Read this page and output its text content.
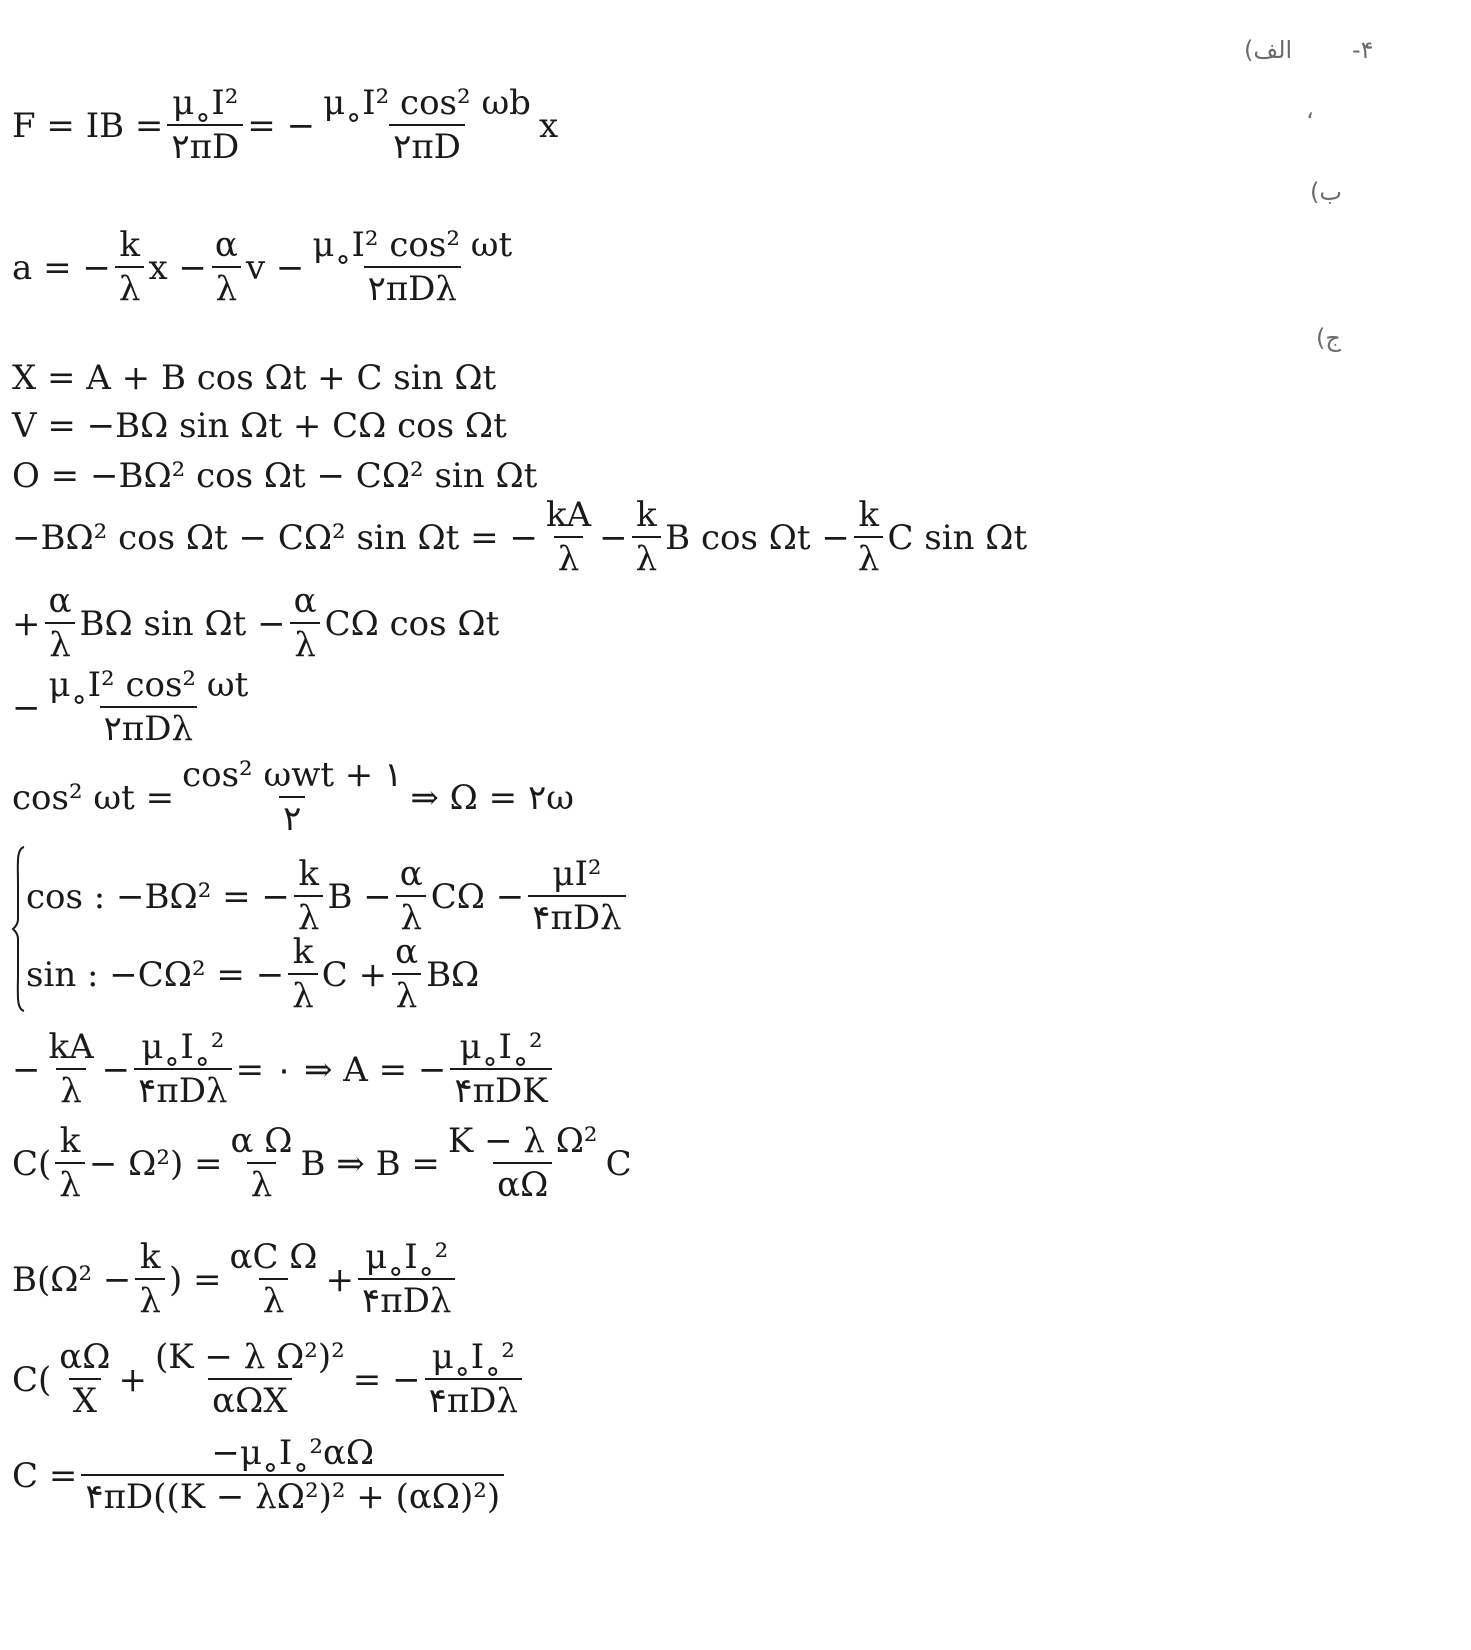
۴-
الف)
،
ب)
ج)
F = IB = $\frac{\text{μ˳I²}}{۲\pi D}$ = − $\frac{\text{μ˳I² cos² ωb}}{۲\pi D}$ x
a = − $\frac{k}{\lambda}$ $x - \frac{\alpha}{\lambda}$ $v - \frac{\text{μ˳I² cos² ωt}}{\text{۲πDλ}}$
X = A + B cos Ωt + C sin Ωt
V = −BΩ sin Ωt + CΩ cos Ωt
O = −BΩ² cos Ωt − CΩ² sin Ωt
−BΩ² cos Ωt − CΩ² sin Ωt = − $\frac{kA}{\lambda} - \frac{k}{\lambda}$ B $\cos \Omega t - \frac{k}{\lambda}$ C sin Ωt
+ $\frac{\alpha}{\lambda}$ BΩ $\sin \Omega t - \frac{\alpha}{\lambda}$ CΩ cos Ωt
− $\frac{\text{μ˳I² cos² ωt}}{\text{۲πDλ}}$
cos² $\omega t = \frac{\text{cos² ωwt + ۱}}{۲}$ ⇒ Ω = ۲ω
cos : −BΩ² = − $\frac{k}{\lambda}$ $B - \frac{\alpha}{\lambda}$ $C\Omega - \frac{\text{μI²}}{\text{۴πDλ}}$
sin : −CΩ² = − $\frac{k}{\lambda}$ $C + \frac{\alpha}{\lambda}$ BΩ
− $\frac{kA}{\lambda} - \frac{\text{μ˳I˳²}}{\text{۴πDλ}}$ = ۰ ⇒ A = − $\frac{\text{μ˳I˳²}}{\text{۴πDK}}$
$C( \frac{k}{\lambda} - \Omega^2) = \frac{\text{α Ω}}{\lambda}$ B ⇒ $B = \frac{\text{K − λ Ω²}}{\alpha\Omega}$ C
$B(\Omega^2 - \frac{k}{\lambda}$ ) = $\frac{\text{αC Ω}}{\lambda} + \frac{\text{μ˳I˳²}}{\text{۴πDλ}}$
$C( \frac{\alpha\Omega}{X} + \frac{\text{(K − λ Ω²)²}}{\text{αΩX}}$ = − $\frac{\text{μ˳I˳²}}{\text{۴πDλ}}$
$C = \frac{\text{−μ˳I˳²αΩ}}{\text{۴πD((K − λΩ²)² + (αΩ)²)}}$
